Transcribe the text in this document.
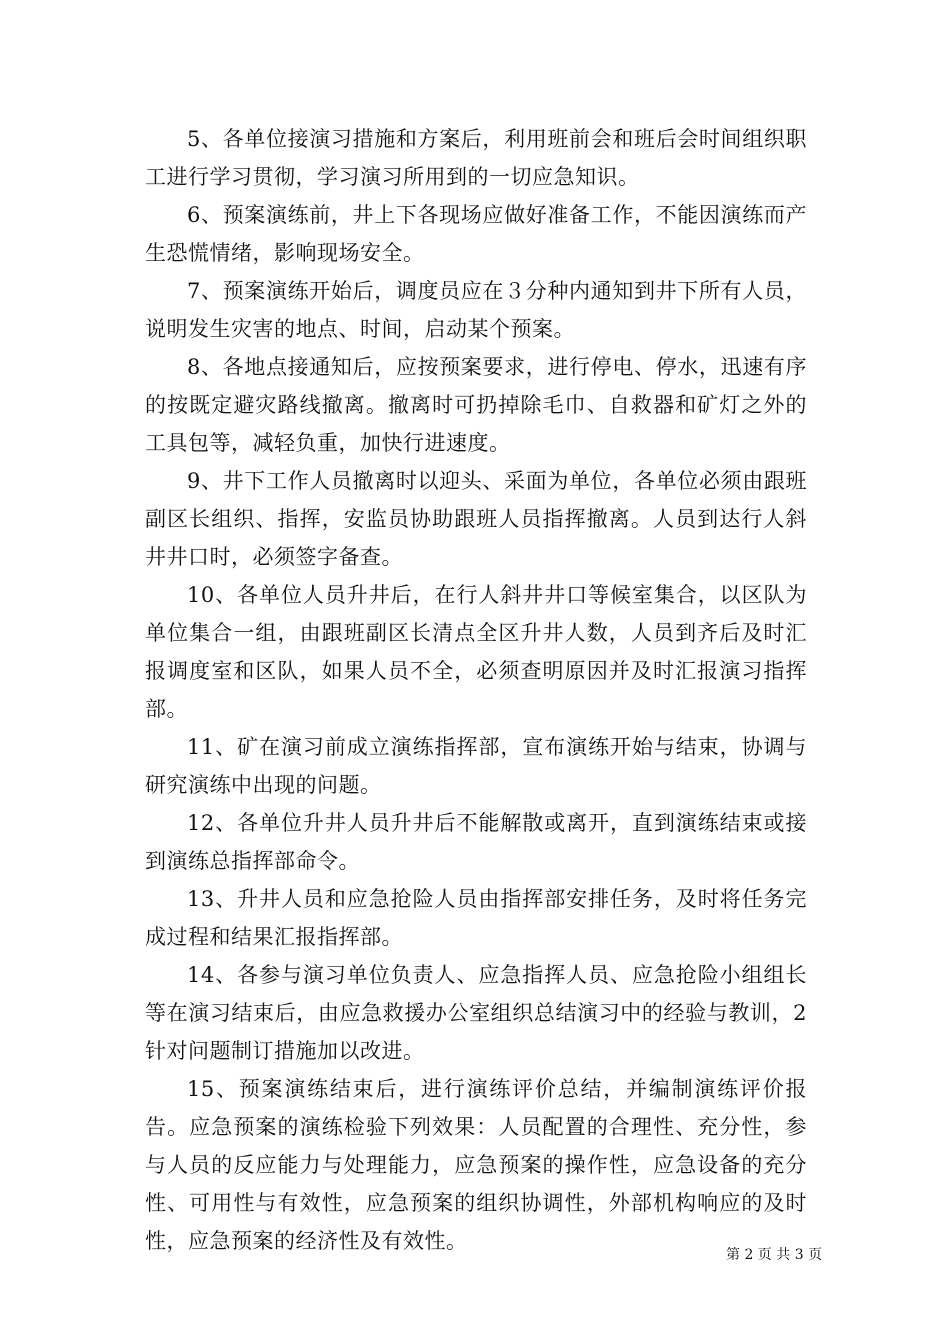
5、各单位接演习措施和方案后，利用班前会和班后会时间组织职工进行学习贯彻，学习演习所用到的一切应急知识。

6、预案演练前，井上下各现场应做好准备工作，不能因演练而产生恐慌情绪，影响现场安全。

7、预案演练开始后，调度员应在３分种内通知到井下所有人员，说明发生灾害的地点、时间，启动某个预案。

8、各地点接通知后，应按预案要求，进行停电、停水，迅速有序的按既定避灾路线撤离。撤离时可扔掉除毛巾、自救器和矿灯之外的工具包等，减轻负重，加快行进速度。

9、井下工作人员撤离时以迎头、采面为单位，各单位必须由跟班副区长组织、指挥，安监员协助跟班人员指挥撤离。人员到达行人斜井井口时，必须签字备查。

10、各单位人员升井后，在行人斜井井口等候室集合，以区队为单位集合一组，由跟班副区长清点全区升井人数，人员到齐后及时汇报调度室和区队，如果人员不全，必须查明原因并及时汇报演习指挥部。

11、矿在演习前成立演练指挥部，宣布演练开始与结束，协调与研究演练中出现的问题。

12、各单位升井人员升井后不能解散或离开，直到演练结束或接到演练总指挥部命令。

13、升井人员和应急抢险人员由指挥部安排任务，及时将任务完成过程和结果汇报指挥部。

14、各参与演习单位负责人、应急指挥人员、应急抢险小组组长等在演习结束后，由应急救援办公室组织总结演习中的经验与教训，2针对问题制订措施加以改进。

15、预案演练结束后，进行演练评价总结，并编制演练评价报告。应急预案的演练检验下列效果：人员配置的合理性、充分性，参与人员的反应能力与处理能力，应急预案的操作性，应急设备的充分性、可用性与有效性，应急预案的组织协调性，外部机构响应的及时性，应急预案的经济性及有效性。

第 2 页 共 3 页
